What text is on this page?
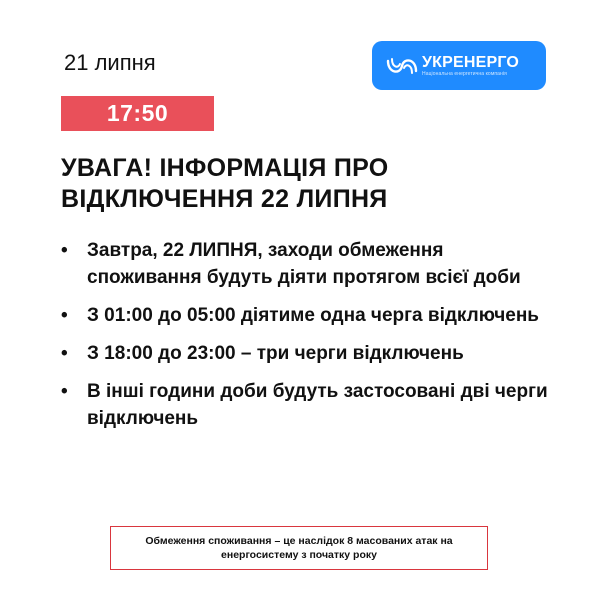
21 липня	УКРЕНЕРГО
Національна енергетична компанія
17:50
УВАГА! ІНФОРМАЦІЯ ПРО ВІДКЛЮЧЕННЯ 22 ЛИПНЯ
• Завтра, 22 ЛИПНЯ, заходи обмеження споживання будуть діяти протягом всієї доби
• З 01:00 до 05:00 діятиме одна черга відключень
• З 18:00 до 23:00 – три черги відключень
• В інші години доби будуть застосовані дві черги відключень
Обмеження споживання – це наслідок 8 масованих атак на енергосистему з початку року
